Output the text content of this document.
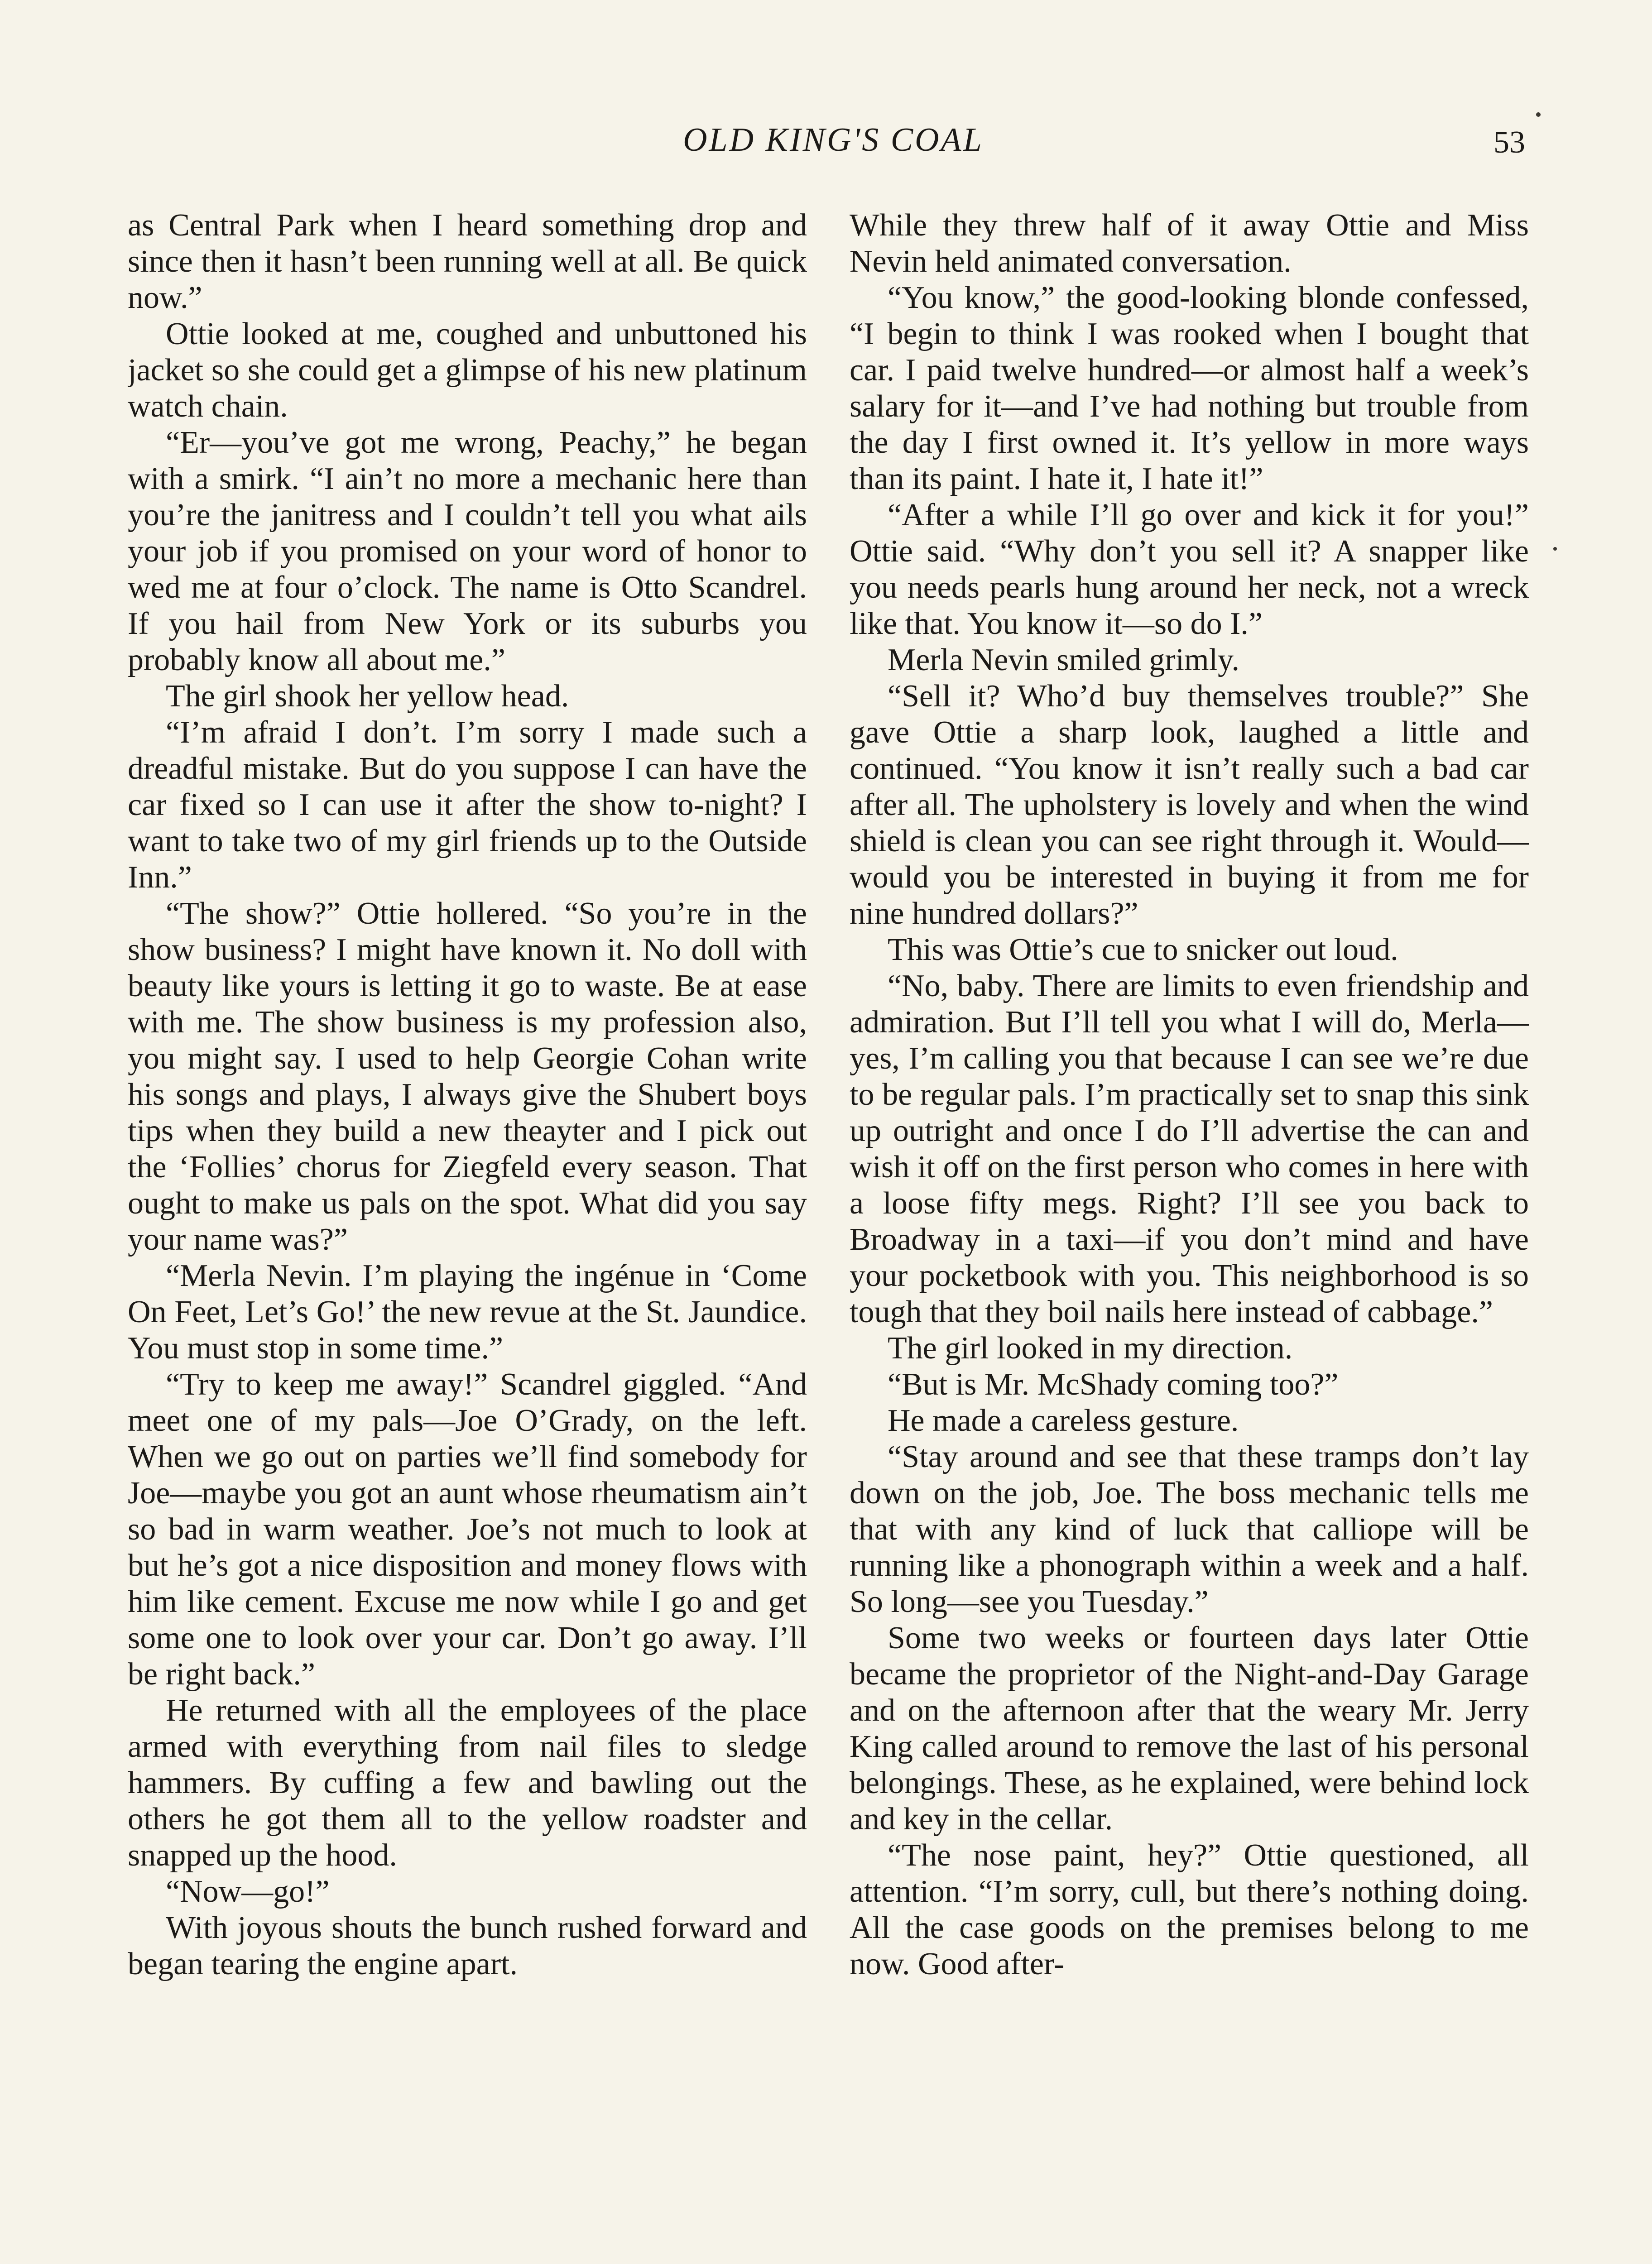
OLD KING'S COAL	53

as Central Park when I heard something drop and since then it hasn’t been running well at all. Be quick now.”

Ottie looked at me, coughed and unbuttoned his jacket so she could get a glimpse of his new platinum watch chain.

“Er—you’ve got me wrong, Peachy,” he began with a smirk. “I ain’t no more a mechanic here than you’re the janitress and I couldn’t tell you what ails your job if you promised on your word of honor to wed me at four o’clock. The name is Otto Scandrel. If you hail from New York or its suburbs you probably know all about me.”

The girl shook her yellow head.

“I’m afraid I don’t. I’m sorry I made such a dreadful mistake. But do you suppose I can have the car fixed so I can use it after the show to-night? I want to take two of my girl friends up to the Outside Inn.”

“The show?” Ottie hollered. “So you’re in the show business? I might have known it. No doll with beauty like yours is letting it go to waste. Be at ease with me. The show business is my profession also, you might say. I used to help Georgie Cohan write his songs and plays, I always give the Shubert boys tips when they build a new theayter and I pick out the ‘Follies’ chorus for Ziegfeld every season. That ought to make us pals on the spot. What did you say your name was?”

“Merla Nevin. I’m playing the ingénue in ‘Come On Feet, Let’s Go!’ the new revue at the St. Jaundice. You must stop in some time.”

“Try to keep me away!” Scandrel giggled. “And meet one of my pals—Joe O’Grady, on the left. When we go out on parties we’ll find somebody for Joe—maybe you got an aunt whose rheumatism ain’t so bad in warm weather. Joe’s not much to look at but he’s got a nice disposition and money flows with him like cement. Excuse me now while I go and get some one to look over your car. Don’t go away. I’ll be right back.”

He returned with all the employees of the place armed with everything from nail files to sledge hammers. By cuffing a few and bawling out the others he got them all to the yellow roadster and snapped up the hood.

“Now—go!”

With joyous shouts the bunch rushed forward and began tearing the engine apart.

While they threw half of it away Ottie and Miss Nevin held animated conversation.

“You know,” the good-looking blonde confessed, “I begin to think I was rooked when I bought that car. I paid twelve hundred—or almost half a week’s salary for it—and I’ve had nothing but trouble from the day I first owned it. It’s yellow in more ways than its paint. I hate it, I hate it!”

“After a while I’ll go over and kick it for you!” Ottie said. “Why don’t you sell it? A snapper like you needs pearls hung around her neck, not a wreck like that. You know it—so do I.”

Merla Nevin smiled grimly.

“Sell it? Who’d buy themselves trouble?” She gave Ottie a sharp look, laughed a little and continued. “You know it isn’t really such a bad car after all. The upholstery is lovely and when the wind shield is clean you can see right through it. Would—would you be interested in buying it from me for nine hundred dollars?”

This was Ottie’s cue to snicker out loud.

“No, baby. There are limits to even friendship and admiration. But I’ll tell you what I will do, Merla—yes, I’m calling you that because I can see we’re due to be regular pals. I’m practically set to snap this sink up outright and once I do I’ll advertise the can and wish it off on the first person who comes in here with a loose fifty megs. Right? I’ll see you back to Broadway in a taxi—if you don’t mind and have your pocketbook with you. This neighborhood is so tough that they boil nails here instead of cabbage.”

The girl looked in my direction.

“But is Mr. McShady coming too?”

He made a careless gesture.

“Stay around and see that these tramps don’t lay down on the job, Joe. The boss mechanic tells me that with any kind of luck that calliope will be running like a phonograph within a week and a half. So long—see you Tuesday.”

Some two weeks or fourteen days later Ottie became the proprietor of the Night-and-Day Garage and on the afternoon after that the weary Mr. Jerry King called around to remove the last of his personal belongings. These, as he explained, were behind lock and key in the cellar.

“The nose paint, hey?” Ottie questioned, all attention. “I’m sorry, cull, but there’s nothing doing. All the case goods on the premises belong to me now. Good after-
